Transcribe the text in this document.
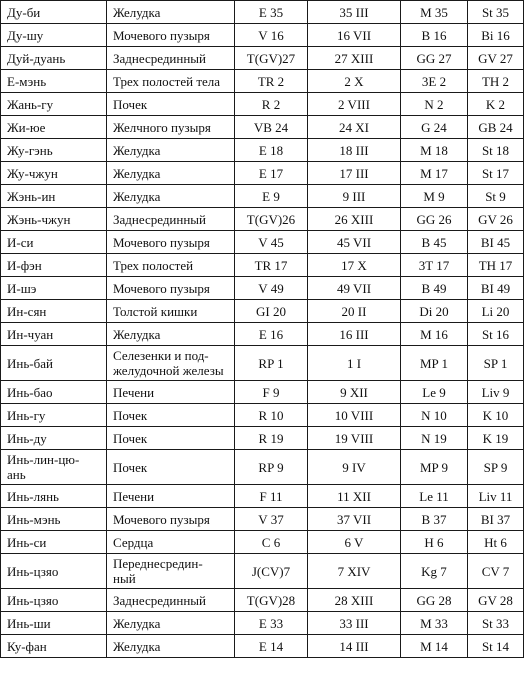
Ду-би	Желудка	E 35	35 III	M 35	St 35
Ду-шу	Мочевого пузыря	V 16	16 VII	B 16	Bi 16
Дуй-дуань	Заднесрединный	T(GV)27	27 XIII	GG 27	GV 27
Е-мэнь	Трех полостей тела	TR 2	2 X	3E 2	TH 2
Жань-гу	Почек	R 2	2 VIII	N 2	K 2
Жи-юе	Желчного пузыря	VB 24	24 XI	G 24	GB 24
Жу-гэнь	Желудка	E 18	18 III	M 18	St 18
Жу-чжун	Желудка	E 17	17 III	M 17	St 17
Жэнь-ин	Желудка	E 9	9 III	M 9	St 9
Жэнь-чжун	Заднесрединный	T(GV)26	26 XIII	GG 26	GV 26
И-си	Мочевого пузыря	V 45	45 VII	B 45	BI 45
И-фэн	Трех полостей	TR 17	17 X	3T 17	TH 17
И-шэ	Мочевого пузыря	V 49	49 VII	B 49	BI 49
Ин-сян	Толстой кишки	GI 20	20 II	Di 20	Li 20
Ин-чуан	Желудка	E 16	16 III	M 16	St 16
Инь-бай	Селезенки и под-
желудочной железы	RP 1	1 I	MP 1	SP 1
Инь-бао	Печени	F 9	9 XII	Le 9	Liv 9
Инь-гу	Почек	R 10	10 VIII	N 10	K 10
Инь-ду	Почек	R 19	19 VIII	N 19	K 19
Инь-лин-цю-
ань	Почек	RP 9	9 IV	MP 9	SP 9
Инь-лянь	Печени	F 11	11 XII	Le 11	Liv 11
Инь-мэнь	Мочевого пузыря	V 37	37 VII	B 37	BI 37
Инь-си	Сердца	C 6	6 V	H 6	Ht 6
Инь-цзяо	Переднесредин-
ный	J(CV)7	7 XIV	Kg 7	CV 7
Инь-цзяо	Заднесрединный	T(GV)28	28 XIII	GG 28	GV 28
Инь-ши	Желудка	E 33	33 III	M 33	St 33
Ку-фан	Желудка	E 14	14 III	M 14	St 14
